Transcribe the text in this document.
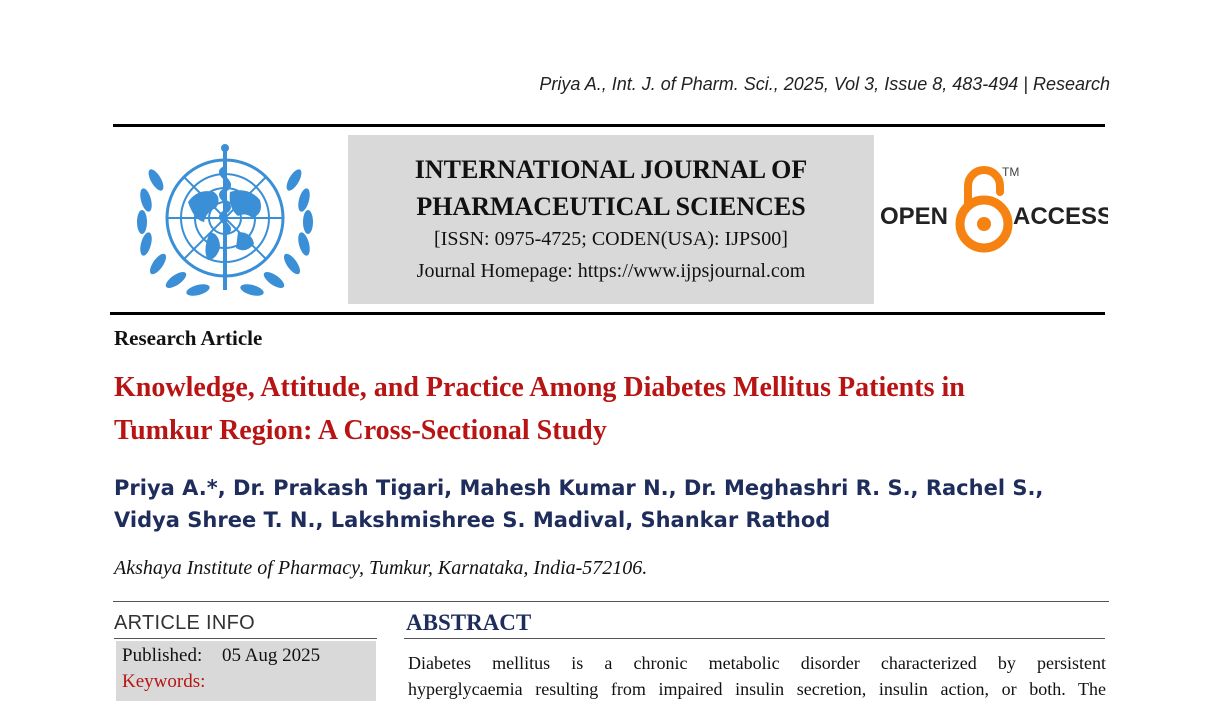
Priya A., Int. J. of Pharm. Sci., 2025, Vol 3, Issue 8, 483-494 | Research
INTERNATIONAL JOURNAL OF
PHARMACEUTICAL SCIENCES
[ISSN: 0975-4725; CODEN(USA): IJPS00]
Journal Homepage: https://www.ijpsjournal.com
OPEN
TM
ACCESS
Research Article
Knowledge, Attitude, and Practice Among Diabetes Mellitus Patients in
Tumkur Region: A Cross-Sectional Study
Priya A.*, Dr. Prakash Tigari, Mahesh Kumar N., Dr. Meghashri R. S., Rachel S.,
Vidya Shree T. N., Lakshmishree S. Madival, Shankar Rathod
Akshaya Institute of Pharmacy, Tumkur, Karnataka, India-572106.
ARTICLE INFO
Published: 05 Aug 2025
Keywords:
ABSTRACT
Diabetes mellitus is a chronic metabolic disorder characterized by persistent
hyperglycaemia resulting from impaired insulin secretion, insulin action, or both. The
